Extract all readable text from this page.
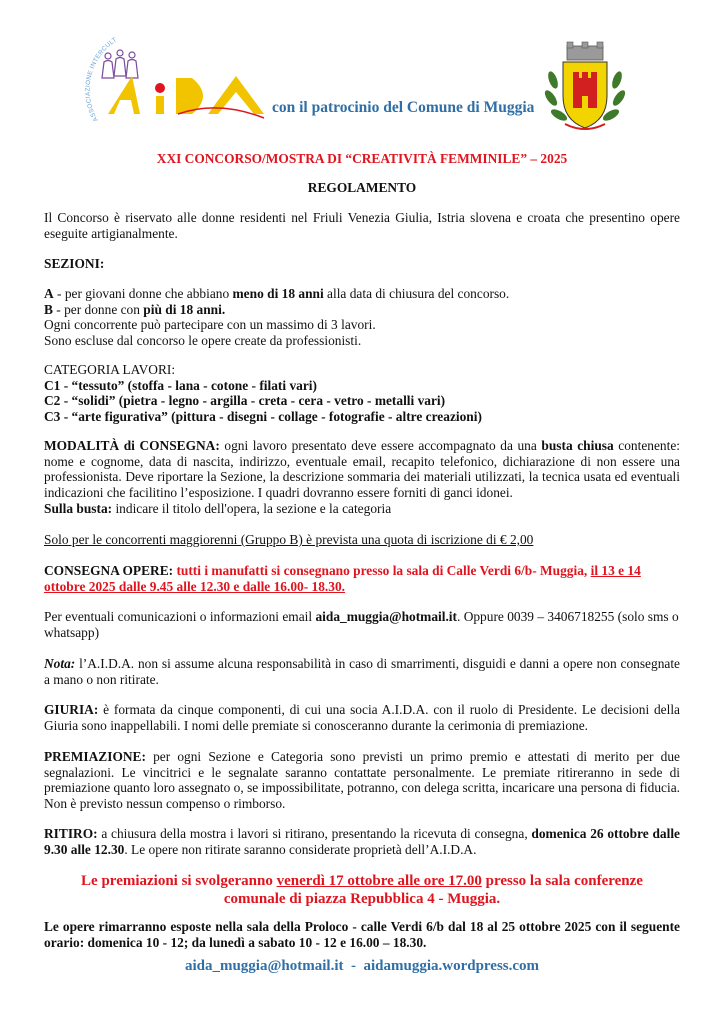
ASSOCIAZIONE INTERCULT
con il patrocinio del Comune di Muggia
XXI CONCORSO/MOSTRA DI “CREATIVITÀ FEMMINILE” – 2025
REGOLAMENTO

Il Concorso è riservato alle donne residenti nel Friuli Venezia Giulia, Istria slovena e croata che presentino opere eseguite artigianalmente.

SEZIONI:

A - per giovani donne che abbiano meno di 18 anni alla data di chiusura del concorso.
B - per donne con più di 18 anni.
Ogni concorrente può partecipare con un massimo di 3 lavori.
Sono escluse dal concorso le opere create da professionisti.
CATEGORIA LAVORI:
C1 - “tessuto” (stoffa - lana - cotone - filati vari)
C2 - “solidi” (pietra - legno - argilla - creta - cera - vetro - metalli vari)
C3 - “arte figurativa” (pittura - disegni - collage - fotografie - altre creazioni)

MODALITÀ di CONSEGNA: ogni lavoro presentato deve essere accompagnato da una busta chiusa contenente: nome e cognome, data di nascita, indirizzo, eventuale email, recapito telefonico, dichiarazione di non essere una professionista. Deve riportare la Sezione, la descrizione sommaria dei materiali utilizzati, la tecnica usata ed eventuali indicazioni che facilitino l’esposizione. I quadri dovranno essere forniti di ganci idonei.

Sulla busta: indicare il titolo dell'opera, la sezione e la categoria

Solo per le concorrenti maggiorenni (Gruppo B) è prevista una quota di iscrizione di € 2,00

CONSEGNA OPERE: tutti i manufatti si consegnano presso la sala di Calle Verdi 6/b- Muggia, il 13 e 14 ottobre 2025 dalle 9.45 alle 12.30 e dalle 16.00- 18.30.

Per eventuali comunicazioni o informazioni email aida_muggia@hotmail.it. Oppure 0039 – 3406718255 (solo sms o whatsapp)

Nota: l’A.I.D.A. non si assume alcuna responsabilità in caso di smarrimenti, disguidi e danni a opere non consegnate a mano o non ritirate.

GIURIA: è formata da cinque componenti, di cui una socia A.I.D.A. con il ruolo di Presidente. Le decisioni della Giuria sono inappellabili. I nomi delle premiate si conosceranno durante la cerimonia di premiazione.

PREMIAZIONE: per ogni Sezione e Categoria sono previsti un primo premio e attestati di merito per due segnalazioni. Le vincitrici e le segnalate saranno contattate personalmente. Le premiate ritireranno in sede di premiazione quanto loro assegnato o, se impossibilitate, potranno, con delega scritta, incaricare una persona di fiducia. Non è previsto nessun compenso o rimborso.

RITIRO: a chiusura della mostra i lavori si ritirano, presentando la ricevuta di consegna, domenica 26 ottobre dalle 9.30 alle 12.30. Le opere non ritirate saranno considerate proprietà dell’A.I.D.A.

Le premiazioni si svolgeranno venerdì 17 ottobre alle ore 17.00 presso la sala conferenze comunale di piazza Repubblica 4 - Muggia.

Le opere rimarranno esposte nella sala della Proloco - calle Verdi 6/b dal 18 al 25 ottobre 2025 con il seguente orario: domenica 10 - 12; da lunedì a sabato 10 - 12 e 16.00 – 18.30.

aida_muggia@hotmail.it  -  aidamuggia.wordpress.com
